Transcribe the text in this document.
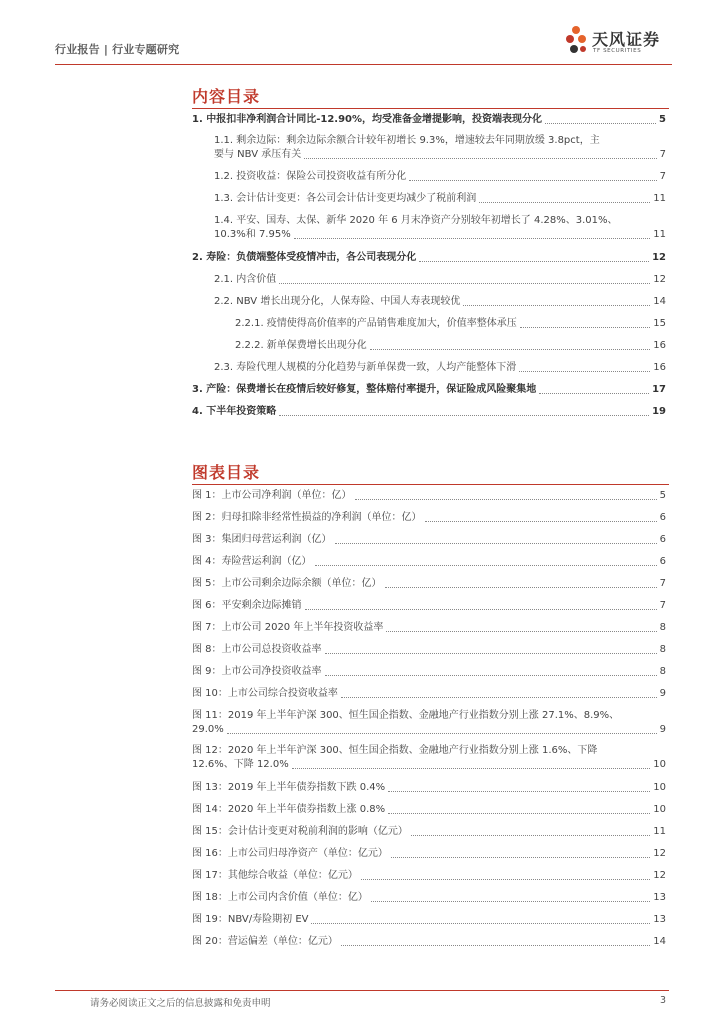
行业报告 | 行业专题研究
天风证券
TF SECURITIES
内容目录
1. 中报扣非净利润合计同比-12.90%，均受准备金增提影响，投资端表现分化	5
1.1. 剩余边际：剩余边际余额合计较年初增长 9.3%，增速较去年同期放缓 3.8pct，主
要与 NBV 承压有关	7
1.2. 投资收益：保险公司投资收益有所分化	7
1.3. 会计估计变更：各公司会计估计变更均减少了税前利润	11
1.4. 平安、国寿、太保、新华 2020 年 6 月末净资产分别较年初增长了 4.28%、3.01%、
10.3%和 7.95%	11
2. 寿险：负债端整体受疫情冲击，各公司表现分化	12
2.1. 内含价值	12
2.2. NBV 增长出现分化，人保寿险、中国人寿表现较优	14
2.2.1. 疫情使得高价值率的产品销售难度加大，价值率整体承压	15
2.2.2. 新单保费增长出现分化	16
2.3. 寿险代理人规模的分化趋势与新单保费一致，人均产能整体下滑	16
3. 产险：保费增长在疫情后较好修复，整体赔付率提升，保证险成风险聚集地	17
4. 下半年投资策略	19
图表目录
图 1：上市公司净利润（单位：亿）	5
图 2：归母扣除非经常性损益的净利润（单位：亿）	6
图 3：集团归母营运利润（亿）	6
图 4：寿险营运利润（亿）	6
图 5：上市公司剩余边际余额（单位：亿）	7
图 6：平安剩余边际摊销	7
图 7：上市公司 2020 年上半年投资收益率	8
图 8：上市公司总投资收益率	8
图 9：上市公司净投资收益率	8
图 10：上市公司综合投资收益率	9
图 11：2019 年上半年沪深 300、恒生国企指数、金融地产行业指数分别上涨 27.1%、8.9%、
29.0%	9
图 12：2020 年上半年沪深 300、恒生国企指数、金融地产行业指数分别上涨 1.6%、下降
12.6%、下降 12.0%	10
图 13：2019 年上半年债券指数下跌 0.4%	10
图 14：2020 年上半年债券指数上涨 0.8%	10
图 15：会计估计变更对税前利润的影响（亿元）	11
图 16：上市公司归母净资产（单位：亿元）	12
图 17：其他综合收益（单位：亿元）	12
图 18：上市公司内含价值（单位：亿）	13
图 19：NBV/寿险期初 EV	13
图 20：营运偏差（单位：亿元）	14
请务必阅读正文之后的信息披露和免责申明	3
